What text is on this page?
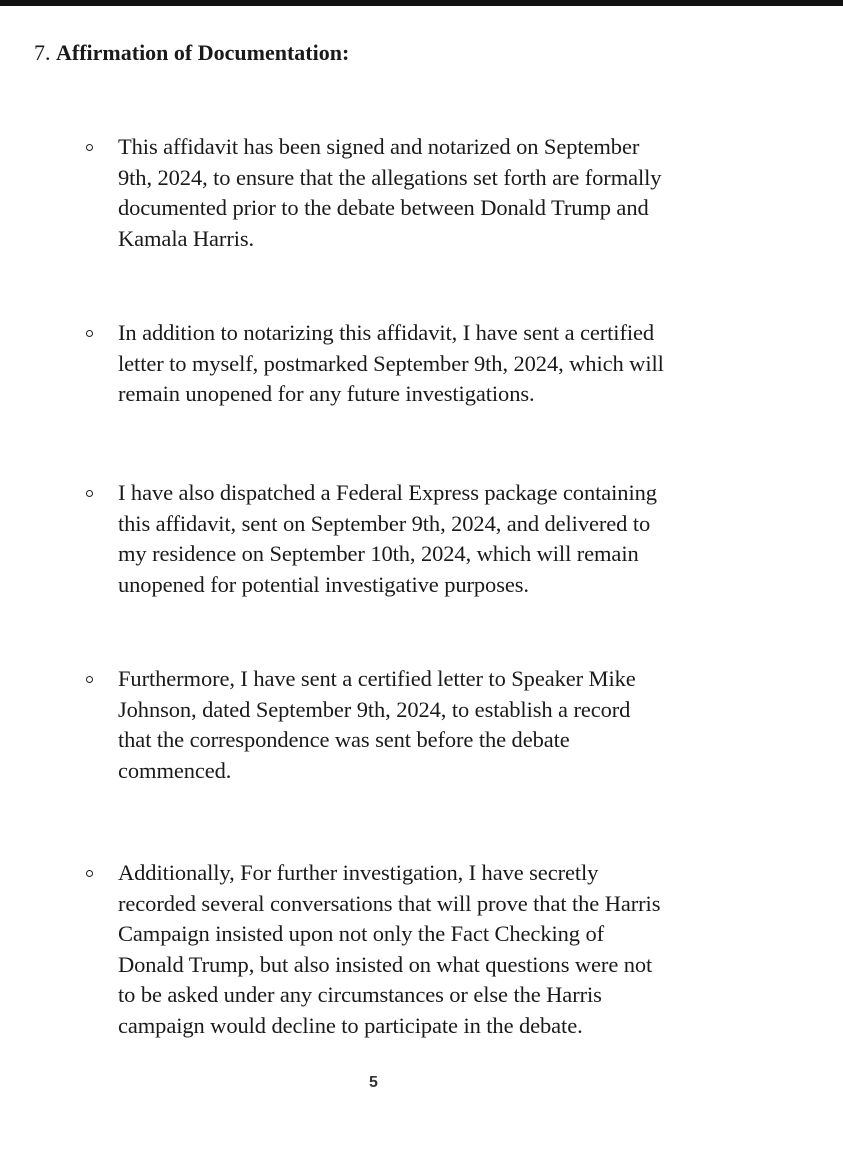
7. Affirmation of Documentation:
This affidavit has been signed and notarized on September
9th, 2024, to ensure that the allegations set forth are formally
documented prior to the debate between Donald Trump and
Kamala Harris.
In addition to notarizing this affidavit, I have sent a certified
letter to myself, postmarked September 9th, 2024, which will
remain unopened for any future investigations.
I have also dispatched a Federal Express package containing
this affidavit, sent on September 9th, 2024, and delivered to
my residence on September 10th, 2024, which will remain
unopened for potential investigative purposes.
Furthermore, I have sent a certified letter to Speaker Mike
Johnson, dated September 9th, 2024, to establish a record
that the correspondence was sent before the debate
commenced.
Additionally, For further investigation, I have secretly
recorded several conversations that will prove that the Harris
Campaign insisted upon not only the Fact Checking of
Donald Trump, but also insisted on what questions were not
to be asked under any circumstances or else the Harris
campaign would decline to participate in the debate.
5
